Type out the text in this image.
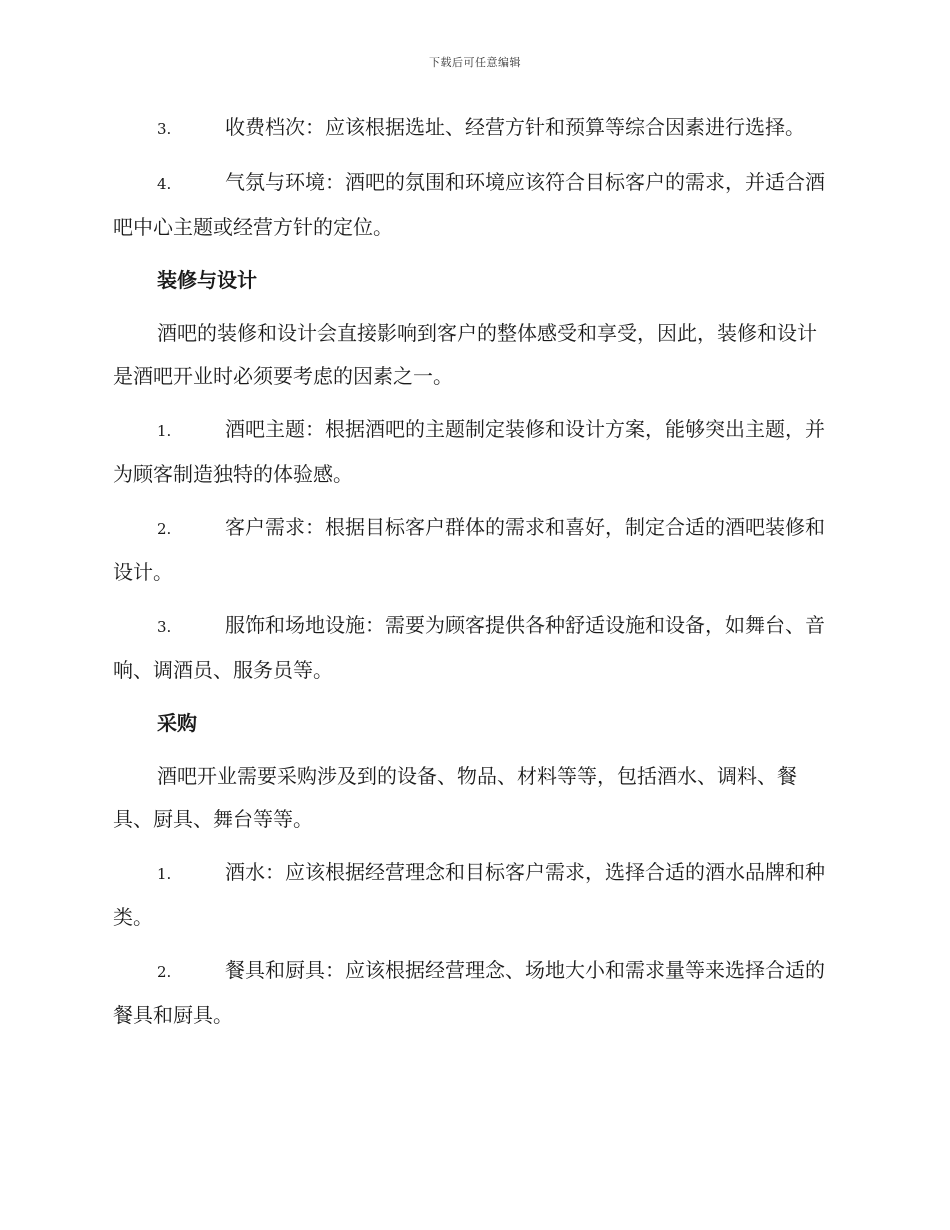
下载后可任意编辑

3.	收费档次：应该根据选址、经营方针和预算等综合因素进行选择。

4.	气氛与环境：酒吧的氛围和环境应该符合目标客户的需求，并适合酒吧中心主题或经营方针的定位。

装修与设计

酒吧的装修和设计会直接影响到客户的整体感受和享受，因此，装修和设计是酒吧开业时必须要考虑的因素之一。

1.	酒吧主题：根据酒吧的主题制定装修和设计方案，能够突出主题，并为顾客制造独特的体验感。

2.	客户需求：根据目标客户群体的需求和喜好，制定合适的酒吧装修和设计。

3.	服饰和场地设施：需要为顾客提供各种舒适设施和设备，如舞台、音响、调酒员、服务员等。

采购

酒吧开业需要采购涉及到的设备、物品、材料等等，包括酒水、调料、餐具、厨具、舞台等等。

1.	酒水：应该根据经营理念和目标客户需求，选择合适的酒水品牌和种类。

2.	餐具和厨具：应该根据经营理念、场地大小和需求量等来选择合适的餐具和厨具。
